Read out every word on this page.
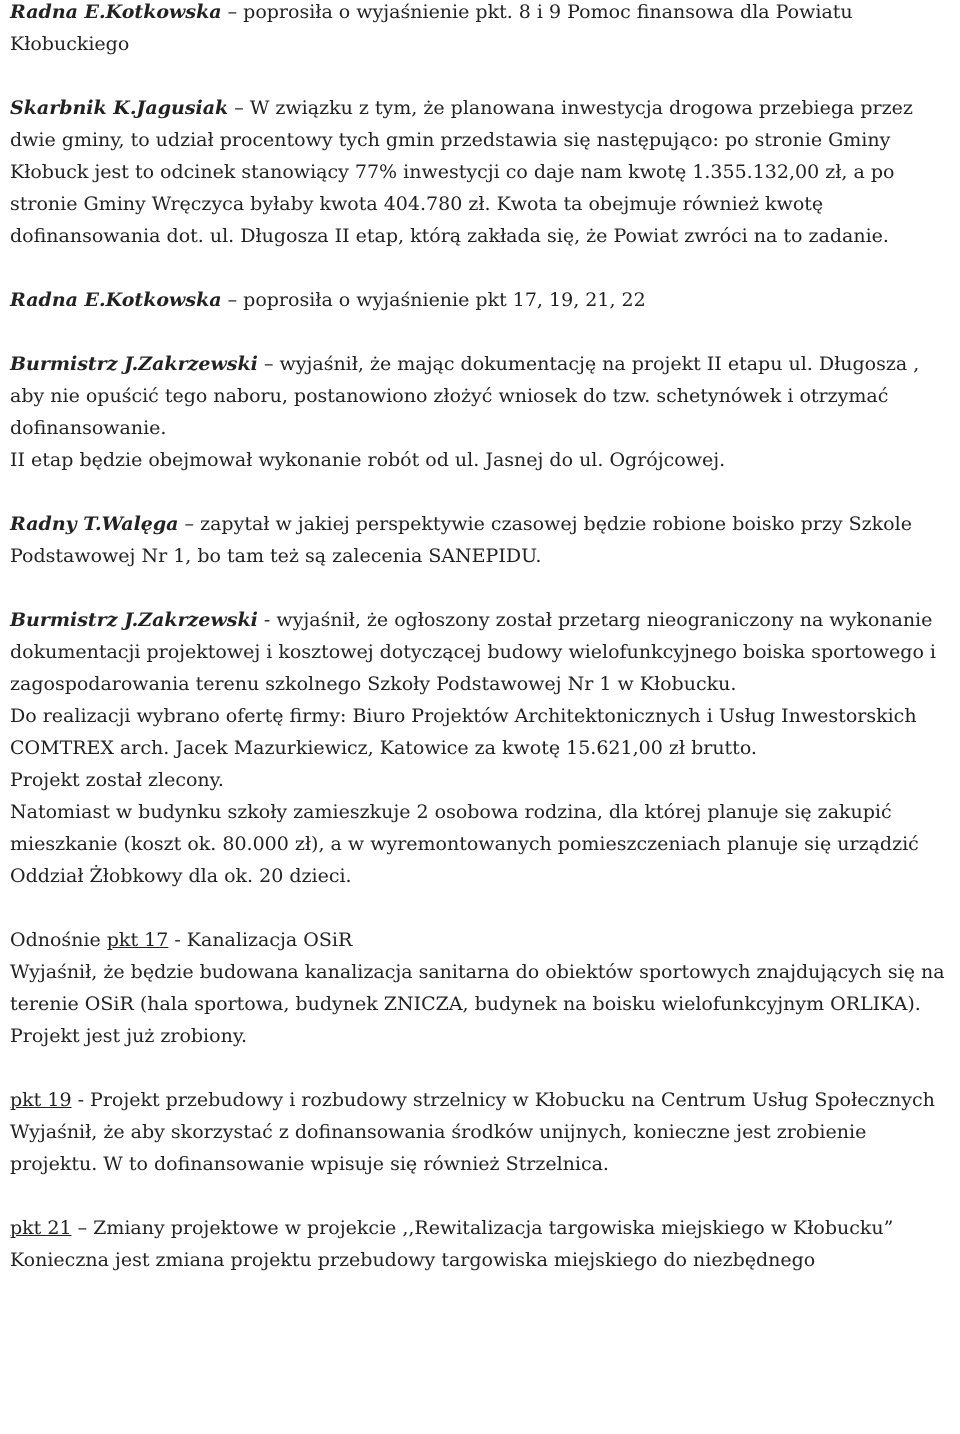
Radna E.Kotkowska – poprosiła o wyjaśnienie pkt. 8 i 9 Pomoc finansowa dla Powiatu Kłobuckiego
Skarbnik K.Jagusiak – W związku z tym, że planowana inwestycja drogowa przebiega przez dwie gminy, to udział procentowy tych gmin przedstawia się następująco: po stronie Gminy Kłobuck jest to odcinek stanowiący 77% inwestycji co daje nam kwotę 1.355.132,00 zł, a po stronie Gminy Wręczyca byłaby kwota 404.780 zł. Kwota ta obejmuje również kwotę dofinansowania dot. ul. Długosza II etap, którą zakłada się, że Powiat zwróci na to zadanie.
Radna E.Kotkowska – poprosiła o wyjaśnienie pkt 17, 19, 21, 22
Burmistrz J.Zakrzewski – wyjaśnił, że mając dokumentację na projekt II etapu ul. Długosza , aby nie opuścić tego naboru, postanowiono złożyć wniosek do tzw. schetynówek i otrzymać dofinansowanie.
II etap będzie obejmował wykonanie robót od ul. Jasnej do ul. Ogrójcowej.
Radny T.Walęga – zapytał w jakiej perspektywie czasowej będzie robione boisko przy Szkole Podstawowej Nr 1, bo tam też są zalecenia SANEPIDU.
Burmistrz J.Zakrzewski - wyjaśnił, że ogłoszony został przetarg nieograniczony na wykonanie dokumentacji projektowej i kosztowej dotyczącej budowy wielofunkcyjnego boiska sportowego i zagospodarowania terenu szkolnego Szkoły Podstawowej Nr 1 w Kłobucku.
Do realizacji wybrano ofertę firmy: Biuro Projektów Architektonicznych i Usług Inwestorskich COMTREX arch. Jacek Mazurkiewicz, Katowice za kwotę 15.621,00 zł brutto.
Projekt został zlecony.
Natomiast w budynku szkoły zamieszkuje 2 osobowa rodzina, dla której planuje się zakupić mieszkanie (koszt ok. 80.000 zł), a w wyremontowanych pomieszczeniach planuje się urządzić Oddział Żłobkowy dla ok. 20 dzieci.
Odnośnie pkt 17 - Kanalizacja OSiR
Wyjaśnił, że będzie budowana kanalizacja sanitarna do obiektów sportowych znajdujących się na terenie OSiR (hala sportowa, budynek ZNICZA, budynek na boisku wielofunkcyjnym ORLIKA). Projekt jest już zrobiony.
pkt 19 - Projekt przebudowy i rozbudowy strzelnicy w Kłobucku na Centrum Usług Społecznych
Wyjaśnił, że aby skorzystać z dofinansowania środków unijnych, konieczne jest zrobienie projektu. W to dofinansowanie wpisuje się również Strzelnica.
pkt 21 – Zmiany projektowe w projekcie ,,Rewitalizacja targowiska miejskiego w Kłobucku”
Konieczna jest zmiana projektu przebudowy targowiska miejskiego do niezbędnego
